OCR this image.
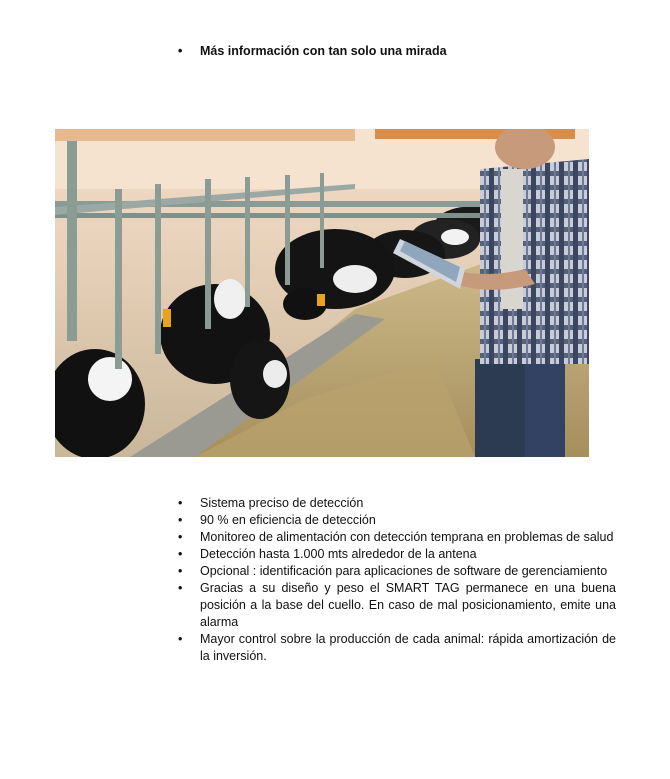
• Más información con tan solo una mirada
• Sistema preciso de detección
• 90 % en eficiencia de detección
• Monitoreo de alimentación con detección temprana en problemas de salud
• Detección hasta 1.000 mts alrededor de la antena
• Opcional : identificación para aplicaciones de software de gerenciamiento
• Gracias a su diseño y peso el SMART TAG permanece en una buena posición a la base del cuello. En caso de mal posicionamiento, emite una alarma
• Mayor control sobre la producción de cada animal: rápida amortización de la inversión.
